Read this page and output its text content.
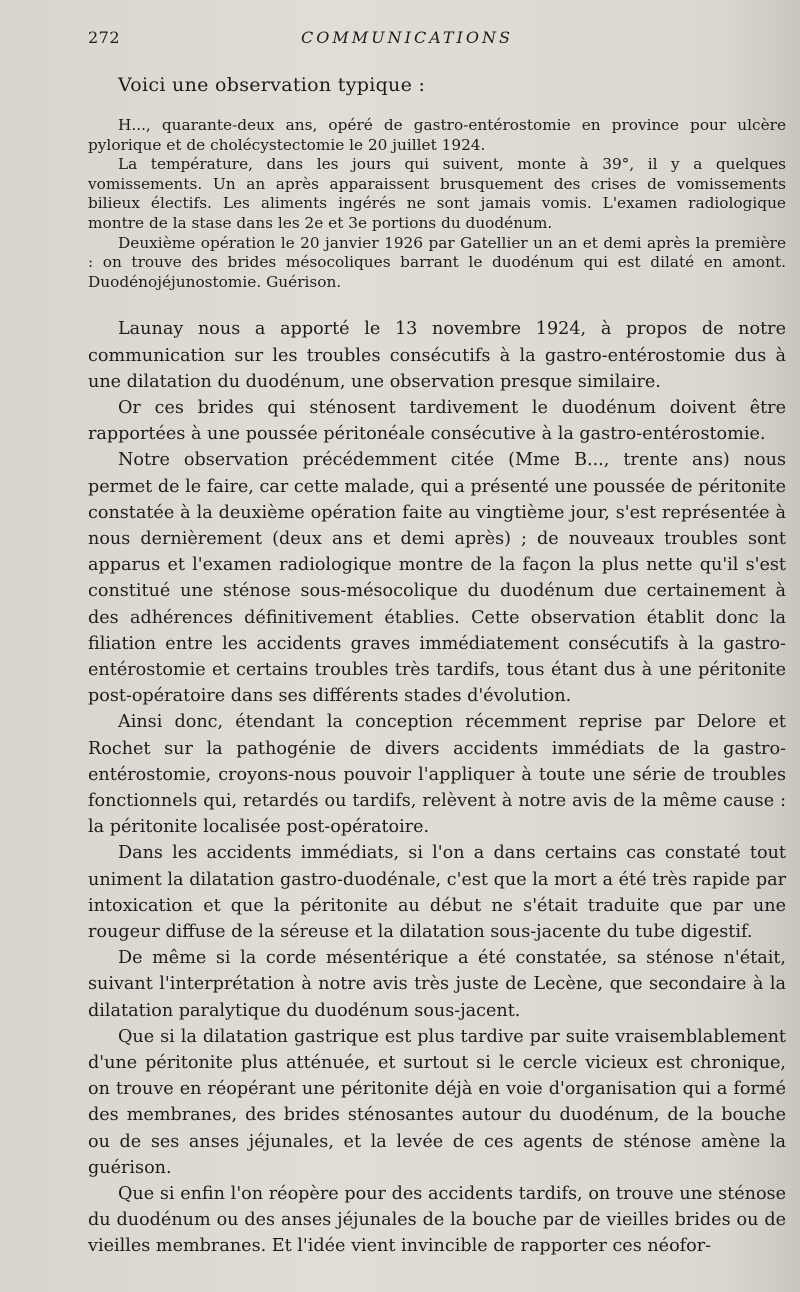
272	COMMUNICATIONS
Voici une observation typique :

H..., quarante-deux ans, opéré de gastro-entérostomie en province pour ulcère pylorique et de cholécystectomie le 20 juillet 1924.

La température, dans les jours qui suivent, monte à 39°, il y a quelques vomissements. Un an après apparaissent brusquement des crises de vomissements bilieux électifs. Les aliments ingérés ne sont jamais vomis. L'examen radiologique montre de la stase dans les 2e et 3e portions du duodénum.

Deuxième opération le 20 janvier 1926 par Gatellier un an et demi après la première : on trouve des brides mésocoliques barrant le duodénum qui est dilaté en amont. Duodénojéjunostomie. Guérison.

Launay nous a apporté le 13 novembre 1924, à propos de notre communication sur les troubles consécutifs à la gastro-entérostomie dus à une dilatation du duodénum, une observation presque similaire.

Or ces brides qui sténosent tardivement le duodénum doivent être rapportées à une poussée péritonéale consécutive à la gastro-entérostomie.

Notre observation précédemment citée (Mme B..., trente ans) nous permet de le faire, car cette malade, qui a présenté une poussée de péritonite constatée à la deuxième opération faite au vingtième jour, s'est représentée à nous dernièrement (deux ans et demi après) ; de nouveaux troubles sont apparus et l'examen radiologique montre de la façon la plus nette qu'il s'est constitué une sténose sous-mésocolique du duodénum due certainement à des adhérences définitivement établies. Cette observation établit donc la filiation entre les accidents graves immédiatement consécutifs à la gastro-entérostomie et certains troubles très tardifs, tous étant dus à une péritonite post-opératoire dans ses différents stades d'évolution.

Ainsi donc, étendant la conception récemment reprise par Delore et Rochet sur la pathogénie de divers accidents immédiats de la gastro-entérostomie, croyons-nous pouvoir l'appliquer à toute une série de troubles fonctionnels qui, retardés ou tardifs, relèvent à notre avis de la même cause : la péritonite localisée post-opératoire.

Dans les accidents immédiats, si l'on a dans certains cas constaté tout uniment la dilatation gastro-duodénale, c'est que la mort a été très rapide par intoxication et que la péritonite au début ne s'était traduite que par une rougeur diffuse de la séreuse et la dilatation sous-jacente du tube digestif.

De même si la corde mésentérique a été constatée, sa sténose n'était, suivant l'interprétation à notre avis très juste de Lecène, que secondaire à la dilatation paralytique du duodénum sous-jacent.

Que si la dilatation gastrique est plus tardive par suite vraisemblablement d'une péritonite plus atténuée, et surtout si le cercle vicieux est chronique, on trouve en réopérant une péritonite déjà en voie d'organisation qui a formé des membranes, des brides sténosantes autour du duodénum, de la bouche ou de ses anses jéjunales, et la levée de ces agents de sténose amène la guérison.

Que si enfin l'on réopère pour des accidents tardifs, on trouve une sténose du duodénum ou des anses jéjunales de la bouche par de vieilles brides ou de vieilles membranes. Et l'idée vient invincible de rapporter ces néofor-
